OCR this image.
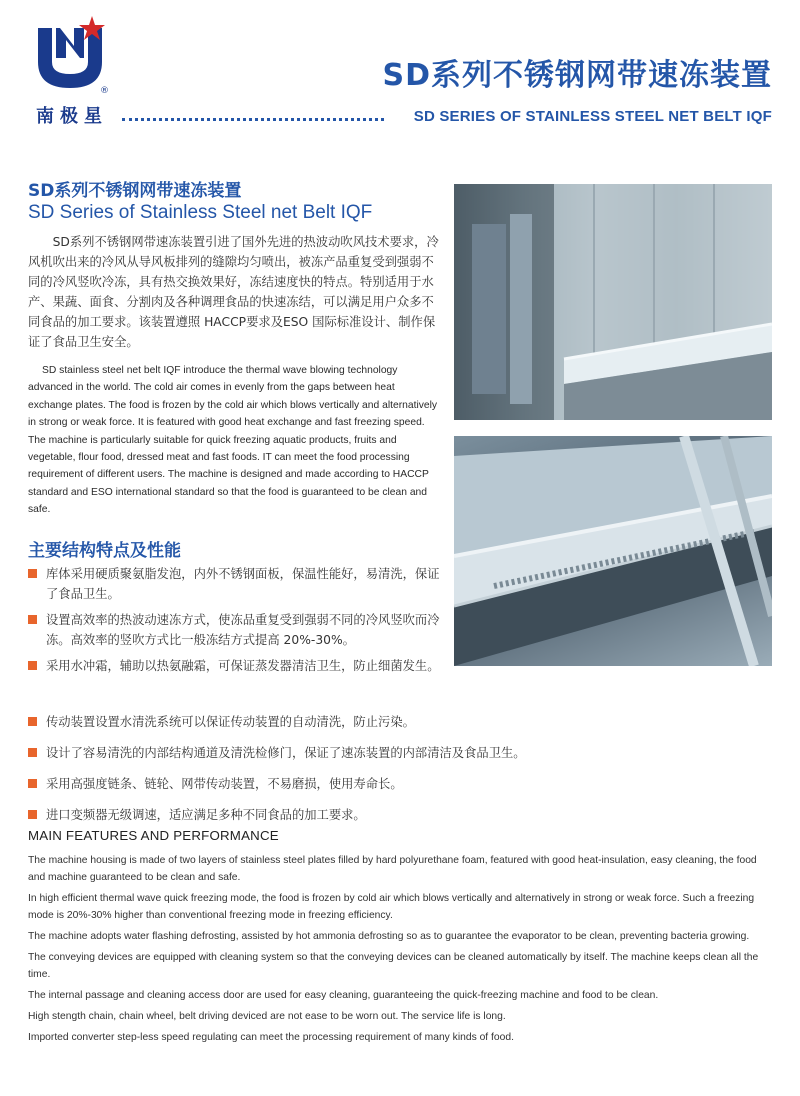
®
南极星
SD系列不锈钢网带速冻装置
SD SERIES OF STAINLESS STEEL NET BELT IQF
SD系列不锈钢网带速冻装置
SD Series of Stainless Steel net Belt IQF

SD系列不锈钢网带速冻装置引进了国外先进的热波动吹风技术要求，冷风机吹出来的冷风从导风板排列的缝隙均匀喷出，被冻产品重复受到强弱不同的冷风竖吹冷冻，具有热交换效果好，冻结速度快的特点。特别适用于水产、果蔬、面食、分割肉及各种调理食品的快速冻结，可以满足用户众多不同食品的加工要求。该装置遵照 HACCP要求及ESO 国际标准设计、制作保证了食品卫生安全。

SD stainless steel net belt IQF introduce the thermal wave blowing technology advanced in the world. The cold air comes in evenly from the gaps between heat exchange plates. The food is frozen by the cold air which blows vertically and alternatively in strong or weak force. It is featured with good heat exchange and fast freezing speed. The machine is particularly suitable for quick freezing aquatic products, fruits and vegetable, flour food, dressed meat and fast foods. IT can meet the food processing requirement of different users. The machine is designed and made according to HACCP standard and ESO international standard so that the food is guaranteed to be clean and safe.

主要结构特点及性能
库体采用硬质聚氨脂发泡，内外不锈钢面板，保温性能好，易清洗，保证了食品卫生。
设置高效率的热波动速冻方式，使冻品重复受到强弱不同的冷风竖吹而冷冻。高效率的竖吹方式比一般冻结方式提高 20%-30%。
采用水冲霜，辅助以热氨融霜，可保证蒸发器清洁卫生，防止细菌发生。
传动装置设置水清洗系统可以保证传动装置的自动清洗，防止污染。
设计了容易清洗的内部结构通道及清洗检修门，保证了速冻装置的内部清洁及食品卫生。
采用高强度链条、链轮、网带传动装置，不易磨损，使用寿命长。
进口变频器无级调速，适应满足多种不同食品的加工要求。
MAIN FEATURES AND PERFORMANCE
The machine housing is made of two layers of stainless steel plates filled by hard polyurethane foam, featured with good heat-insulation, easy cleaning, the food and machine guaranteed to be clean and safe.
In high efficient thermal wave quick freezing mode, the food is frozen by cold air which blows vertically and alternatively in strong or weak force. Such a freezing mode is 20%-30% higher than conventional freezing mode in freezing efficiency.
The machine adopts water flashing defrosting, assisted by hot ammonia defrosting so as to guarantee the evaporator to be clean, preventing bacteria growing.
The conveying devices are equipped with cleaning system so that the conveying devices can be cleaned automatically by itself. The machine keeps clean all the time.
The internal passage and cleaning access door are used for easy cleaning, guaranteeing the quick-freezing machine and food to be clean.
High stength chain, chain wheel, belt driving deviced are not ease to be worn out. The service life is long.
Imported converter step-less speed regulating can meet the processing requirement of many kinds of food.
